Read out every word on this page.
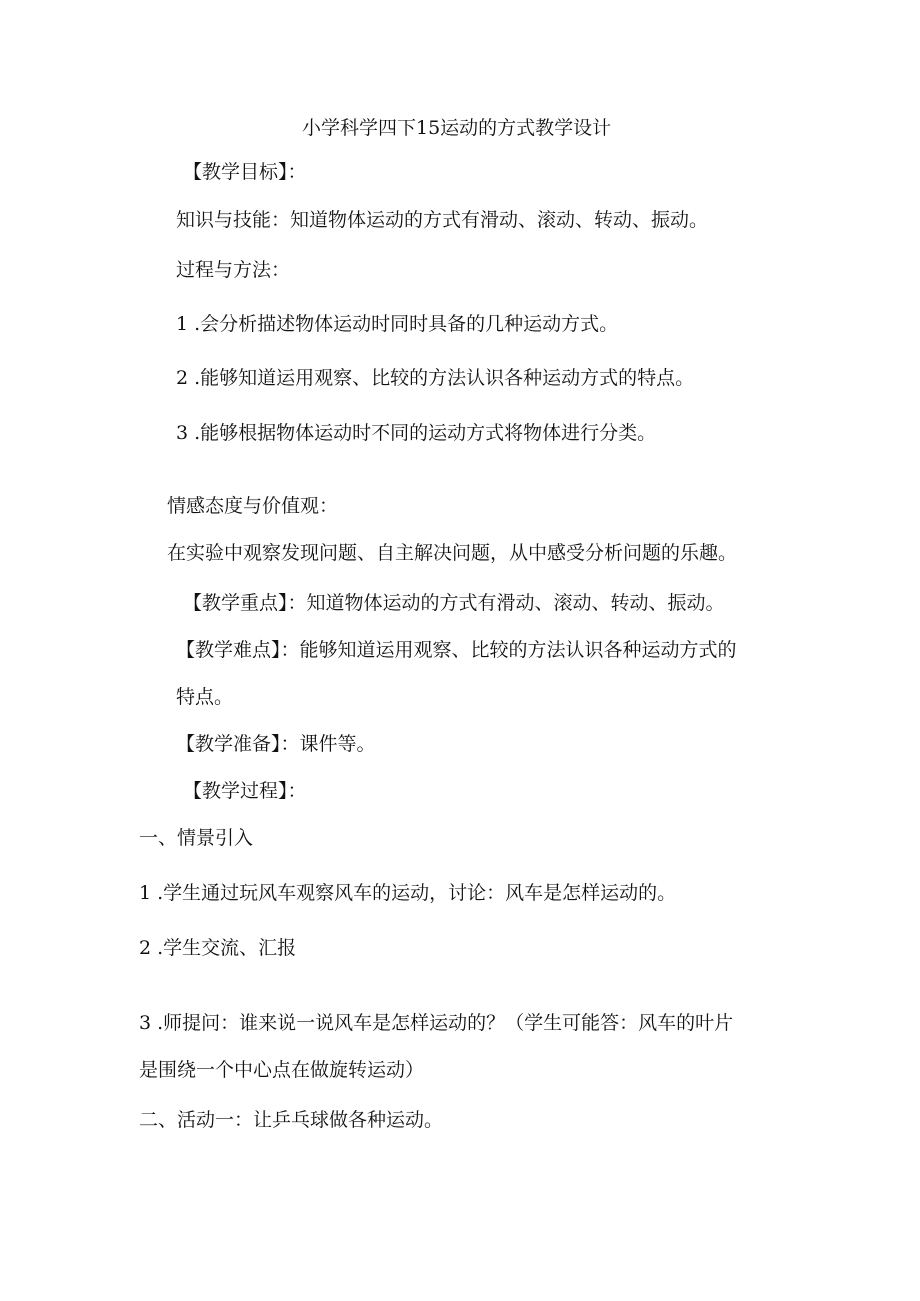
小学科学四下15运动的方式教学设计
【教学目标】：
知识与技能：知道物体运动的方式有滑动、滚动、转动、振动。
过程与方法：
1 .会分析描述物体运动时同时具备的几种运动方式。
2 .能够知道运用观察、比较的方法认识各种运动方式的特点。
3 .能够根据物体运动时不同的运动方式将物体进行分类。
情感态度与价值观：
在实验中观察发现问题、自主解决问题，从中感受分析问题的乐趣。
【教学重点】：知道物体运动的方式有滑动、滚动、转动、振动。
【教学难点】：能够知道运用观察、比较的方法认识各种运动方式的
特点。
【教学准备】：课件等。
【教学过程】：
一、情景引入
1 .学生通过玩风车观察风车的运动，讨论：风车是怎样运动的。
2 .学生交流、汇报
3 .师提问：谁来说一说风车是怎样运动的？（学生可能答：风车的叶片
是围绕一个中心点在做旋转运动）
二、活动一：让乒乓球做各种运动。
